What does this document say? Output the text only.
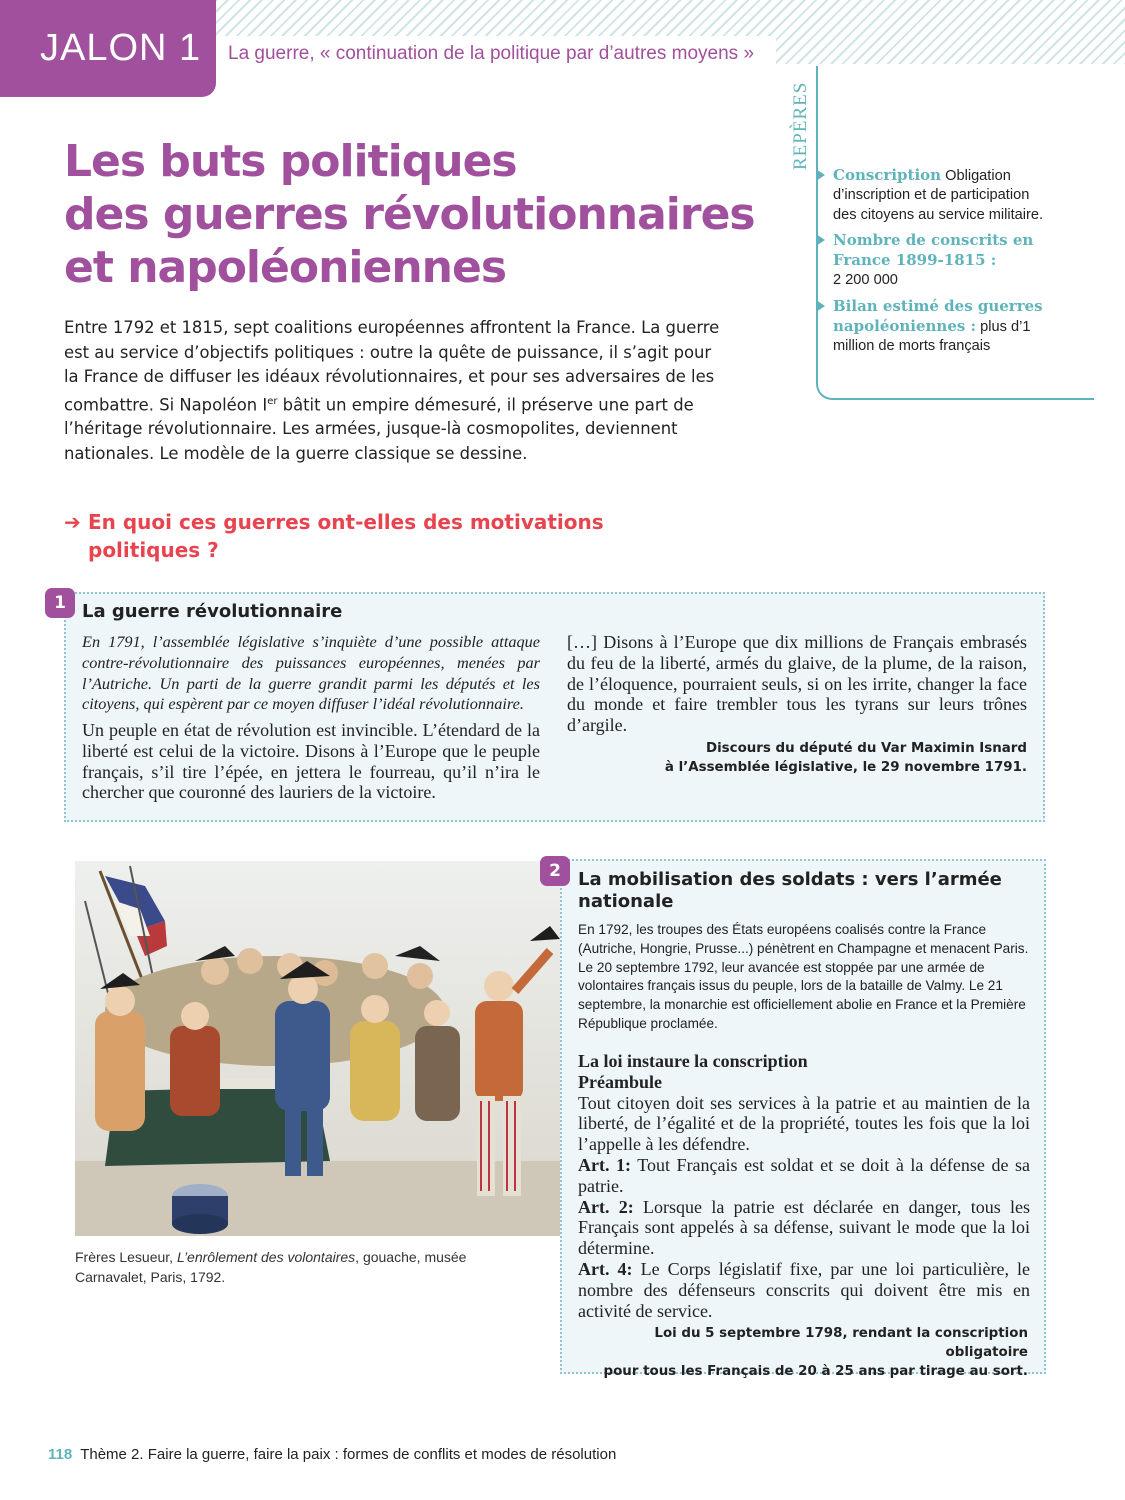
JALON 1	La guerre, « continuation de la politique par d’autres moyens »
Les buts politiques
des guerres révolutionnaires
et napoléoniennes
Entre 1792 et 1815, sept coalitions européennes affrontent la France. La guerre est au service d’objectifs politiques : outre la quête de puissance, il s’agit pour la France de diffuser les idéaux révolutionnaires, et pour ses adversaires de les combattre. Si Napoléon Ier bâtit un empire démesuré, il préserve une part de l’héritage révolutionnaire. Les armées, jusque-là cosmopolites, deviennent nationales. Le modèle de la guerre classique se dessine.
➔ En quoi ces guerres ont-elles des motivations politiques ?
REPÈRES
Conscription Obligation d’inscription et de participation des citoyens au service militaire.
Nombre de conscrits en France 1899-1815 :
2 200 000
Bilan estimé des guerres napoléoniennes : plus d’1 million de morts français
1 La guerre révolutionnaire
En 1791, l’assemblée législative s’inquiète d’une possible attaque contre-révolutionnaire des puissances européennes, menées par l’Autriche. Un parti de la guerre grandit parmi les députés et les citoyens, qui espèrent par ce moyen diffuser l’idéal révolutionnaire.
Un peuple en état de révolution est invincible. L’étendard de la liberté est celui de la victoire. Disons à l’Europe que le peuple français, s’il tire l’épée, en jettera le fourreau, qu’il n’ira le chercher que couronné des lauriers de la victoire.
[…] Disons à l’Europe que dix millions de Français embrasés du feu de la liberté, armés du glaive, de la plume, de la raison, de l’éloquence, pourraient seuls, si on les irrite, changer la face du monde et faire trembler tous les tyrans sur leurs trônes d’argile.
Discours du député du Var Maximin Isnard
à l’Assemblée législative, le 29 novembre 1791.
Frères Lesueur, L’enrôlement des volontaires, gouache, musée Carnavalet, Paris, 1792.
2 La mobilisation des soldats : vers l’armée nationale
En 1792, les troupes des États européens coalisés contre la France (Autriche, Hongrie, Prusse...) pénètrent en Champagne et menacent Paris. Le 20 septembre 1792, leur avancée est stoppée par une armée de volontaires français issus du peuple, lors de la bataille de Valmy. Le 21 septembre, la monarchie est officiellement abolie en France et la Première République proclamée.

La loi instaure la conscription

Préambule

Tout citoyen doit ses services à la patrie et au maintien de la liberté, de l’égalité et de la propriété, toutes les fois que la loi l’appelle à les défendre.

Art. 1: Tout Français est soldat et se doit à la défense de sa patrie.

Art. 2: Lorsque la patrie est déclarée en danger, tous les Français sont appelés à sa défense, suivant le mode que la loi détermine.

Art. 4: Le Corps législatif fixe, par une loi particulière, le nombre des défenseurs conscrits qui doivent être mis en activité de service.

Loi du 5 septembre 1798, rendant la conscription obligatoire
pour tous les Français de 20 à 25 ans par tirage au sort.
118 Thème 2. Faire la guerre, faire la paix : formes de conflits et modes de résolution
